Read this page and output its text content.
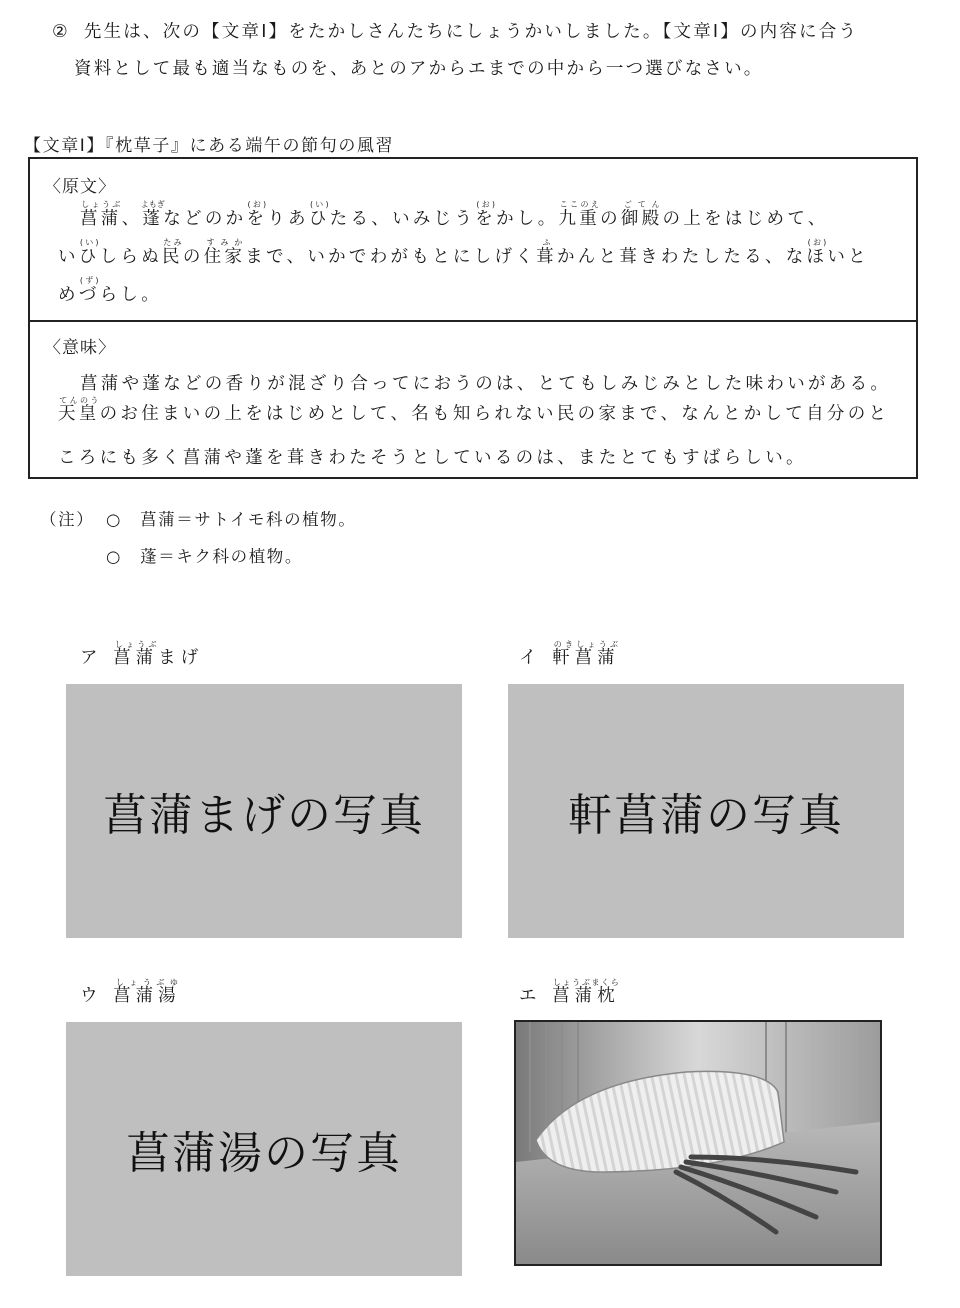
② 先生は、次の【文章Ⅰ】をたかしさんたちにしょうかいしました。【文章Ⅰ】の内容に合う
資料として最も適当なものを、あとのアからエまでの中から一つ選びなさい。
【文章Ⅰ】『枕草子』にある端午の節句の風習
〈原文〉
菖蒲しょうぶ、蓬よもぎなどのかを(お)りあひ(い)たる、いみじうを(お)かし。九重ここのえの御殿ごてんの上をはじめて、
いひ(い)しらぬ民たみの住家すみかまで、いかでわがもとにしげく葺ふかんと葺きわたしたる、なほ(お)いと
めづ(ず)らし。
〈意味〉
菖蒲や蓬などの香りが混ざり合ってにおうのは、とてもしみじみとした味わいがある。
天皇てんのうのお住まいの上をはじめとして、名も知られない民の家まで、なんとかして自分のと
ころにも多く菖蒲や蓬を葺きわたそうとしているのは、またとてもすばらしい。
（注） ○　菖蒲＝サトイモ科の植物。
○　蓬＝キク科の植物。
ア 菖蒲しょうぶまげ
菖蒲まげの写真
イ 軒菖蒲のきしょうぶ
軒菖蒲の写真
ウ 菖蒲湯しょうぶゆ
菖蒲湯の写真
エ 菖蒲枕しょうぶまくら
